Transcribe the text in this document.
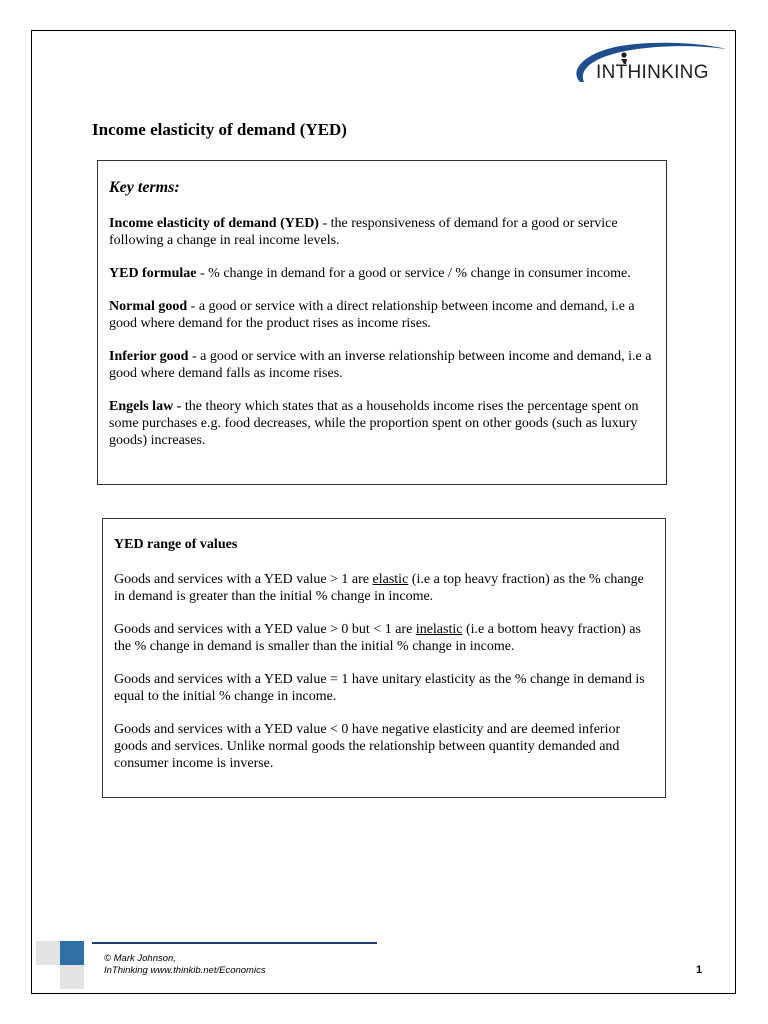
INTHINKING
Income elasticity of demand (YED)
Key terms:
Income elasticity of demand (YED) - the responsiveness of demand for a good or service following a change in real income levels.
YED formulae - % change in demand for a good or service / % change in consumer income.
Normal good - a good or service with a direct relationship between income and demand, i.e a good where demand for the product rises as income rises.
Inferior good - a good or service with an inverse relationship between income and demand, i.e a good where demand falls as income rises.
Engels law - the theory which states that as a households income rises the percentage spent on some purchases e.g. food decreases, while the proportion spent on other goods (such as luxury goods) increases.
YED range of values
Goods and services with a YED value > 1 are elastic (i.e a top heavy fraction) as the % change in demand is greater than the initial % change in income.
Goods and services with a YED value > 0 but < 1 are inelastic (i.e a bottom heavy fraction) as the % change in demand is smaller than the initial % change in income.
Goods and services with a YED value = 1 have unitary elasticity as the % change in demand is equal to the initial % change in income.
Goods and services with a YED value < 0 have negative elasticity and are deemed inferior goods and services. Unlike normal goods the relationship between quantity demanded and consumer income is inverse.
© Mark Johnson,
InThinking www.thinkib.net/Economics	1
